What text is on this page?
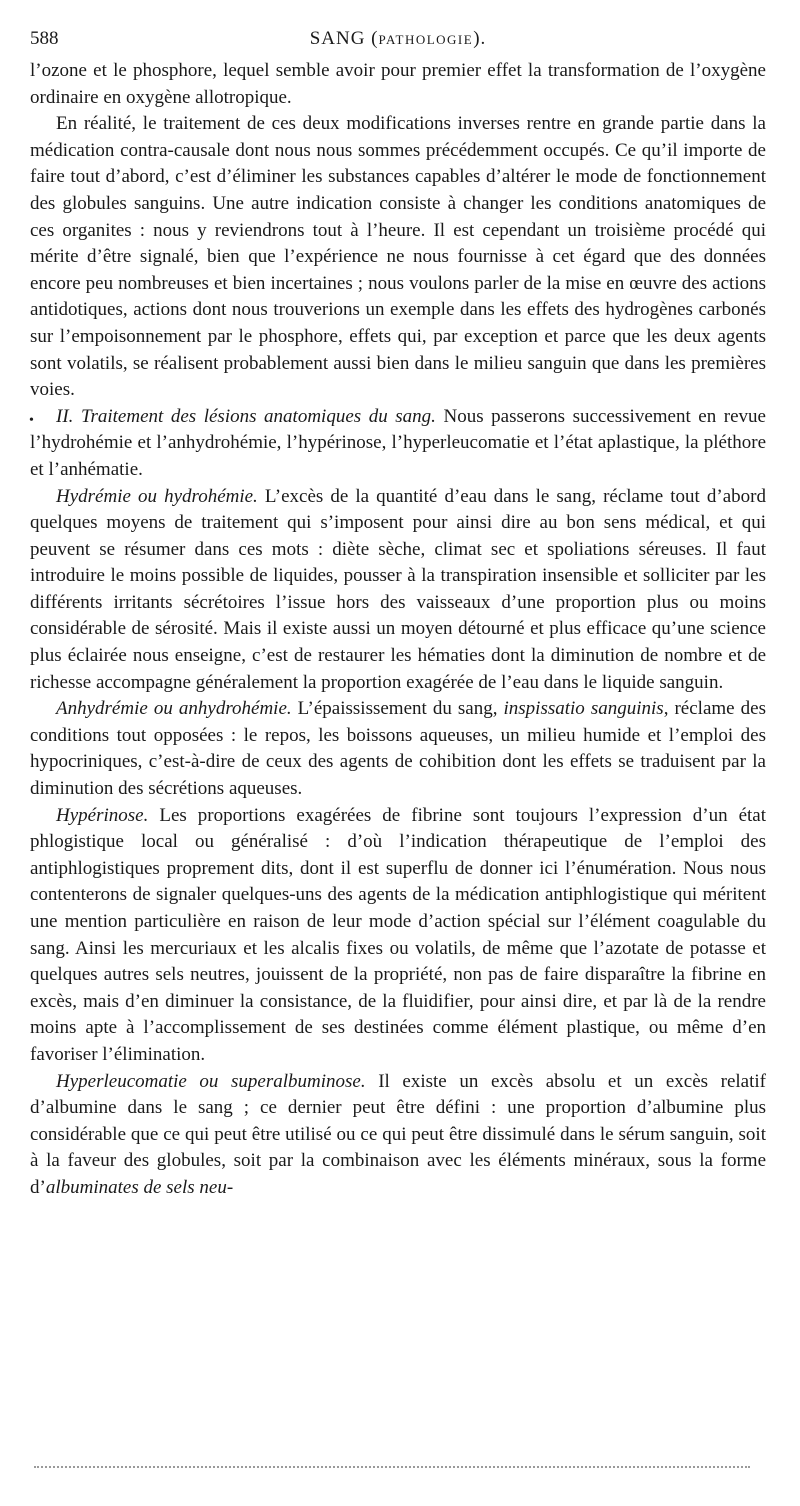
588	SANG (PATHOLOGIE).

l’ozone et le phosphore, lequel semble avoir pour premier effet la transformation de l’oxygène ordinaire en oxygène allotropique.

En réalité, le traitement de ces deux modifications inverses rentre en grande partie dans la médication contra-causale dont nous nous sommes précédemment occupés. Ce qu’il importe de faire tout d’abord, c’est d’éliminer les substances capables d’altérer le mode de fonctionnement des globules sanguins. Une autre indication consiste à changer les conditions anatomiques de ces organites : nous y reviendrons tout à l’heure. Il est cependant un troisième procédé qui mérite d’être signalé, bien que l’expérience ne nous fournisse à cet égard que des données encore peu nombreuses et bien incertaines ; nous voulons parler de la mise en œuvre des actions antidotiques, actions dont nous trouverions un exemple dans les effets des hydrogènes carbonés sur l’empoisonnement par le phosphore, effets qui, par exception et parce que les deux agents sont volatils, se réalisent probablement aussi bien dans le milieu sanguin que dans les premières voies.

• II. Traitement des lésions anatomiques du sang. Nous passerons successivement en revue l’hydrohémie et l’anhydrohémie, l’hypérinose, l’hyperleucomatie et l’état aplastique, la pléthore et l’anhématie.

Hydrémie ou hydrohémie. L’excès de la quantité d’eau dans le sang, réclame tout d’abord quelques moyens de traitement qui s’imposent pour ainsi dire au bon sens médical, et qui peuvent se résumer dans ces mots : diète sèche, climat sec et spoliations séreuses. Il faut introduire le moins possible de liquides, pousser à la transpiration insensible et solliciter par les différents irritants sécrétoires l’issue hors des vaisseaux d’une proportion plus ou moins considérable de sérosité. Mais il existe aussi un moyen détourné et plus efficace qu’une science plus éclairée nous enseigne, c’est de restaurer les hématies dont la diminution de nombre et de richesse accompagne généralement la proportion exagérée de l’eau dans le liquide sanguin.

Anhydrémie ou anhydrohémie. L’épaississement du sang, inspissatio sanguinis, réclame des conditions tout opposées : le repos, les boissons aqueuses, un milieu humide et l’emploi des hypocriniques, c’est-à-dire de ceux des agents de cohibition dont les effets se traduisent par la diminution des sécrétions aqueuses.

Hypérinose. Les proportions exagérées de fibrine sont toujours l’expression d’un état phlogistique local ou généralisé : d’où l’indication thérapeutique de l’emploi des antiphlogistiques proprement dits, dont il est superflu de donner ici l’énumération. Nous nous contenterons de signaler quelques-uns des agents de la médication antiphlogistique qui méritent une mention particulière en raison de leur mode d’action spécial sur l’élément coagulable du sang. Ainsi les mercuriaux et les alcalis fixes ou volatils, de même que l’azotate de potasse et quelques autres sels neutres, jouissent de la propriété, non pas de faire disparaître la fibrine en excès, mais d’en diminuer la consistance, de la fluidifier, pour ainsi dire, et par là de la rendre moins apte à l’accomplissement de ses destinées comme élément plastique, ou même d’en favoriser l’élimination.

Hyperleucomatie ou superalbuminose. Il existe un excès absolu et un excès relatif d’albumine dans le sang ; ce dernier peut être défini : une proportion d’albumine plus considérable que ce qui peut être utilisé ou ce qui peut être dissimulé dans le sérum sanguin, soit à la faveur des globules, soit par la combinaison avec les éléments minéraux, sous la forme d’albuminates de sels neu-
